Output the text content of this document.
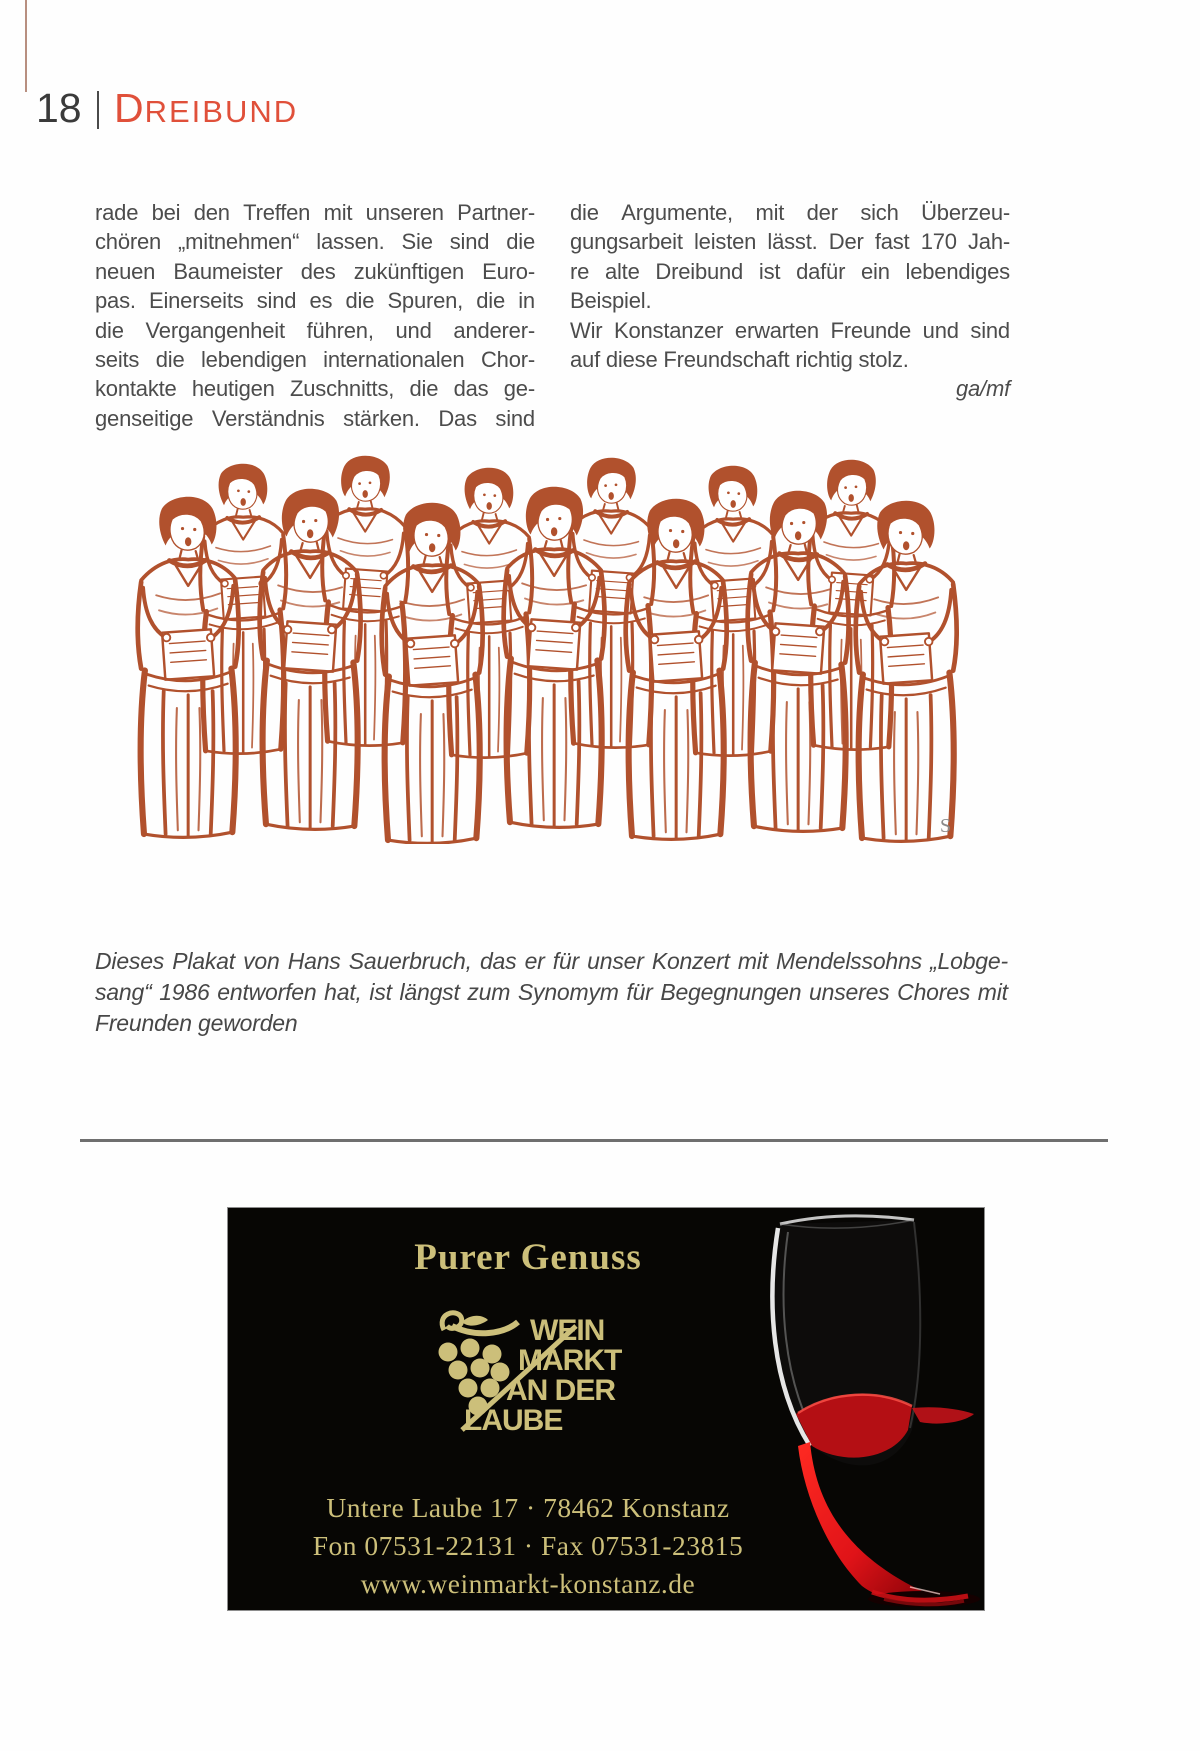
18 DREIBUND
rade bei den Treffen mit unseren Partner-
chören „mitnehmen“ lassen. Sie sind die
neuen Baumeister des zukünftigen Euro-
pas. Einerseits sind es die Spuren, die in
die Vergangenheit führen, und anderer-
seits die lebendigen internationalen Chor-
kontakte heutigen Zuschnitts, die das ge-
genseitige Verständnis stärken. Das sind
die Argumente, mit der sich Überzeu-
gungsarbeit leisten lässt. Der fast 170 Jah-
re alte Dreibund ist dafür ein lebendiges
Beispiel.
Wir Konstanzer erwarten Freunde und sind
auf diese Freundschaft richtig stolz.
ga/mf
S
Dieses Plakat von Hans Sauerbruch, das er für unser Konzert mit Mendelssohns „Lobge-
sang“ 1986 entworfen hat, ist längst zum Synomym für Begegnungen unseres Chores mit
Freunden geworden
Purer Genuss
WEIN
MARKT
AN DER
LAUBE
Untere Laube 17 · 78462 Konstanz
Fon 07531-22131 · Fax 07531-23815
www.weinmarkt-konstanz.de
